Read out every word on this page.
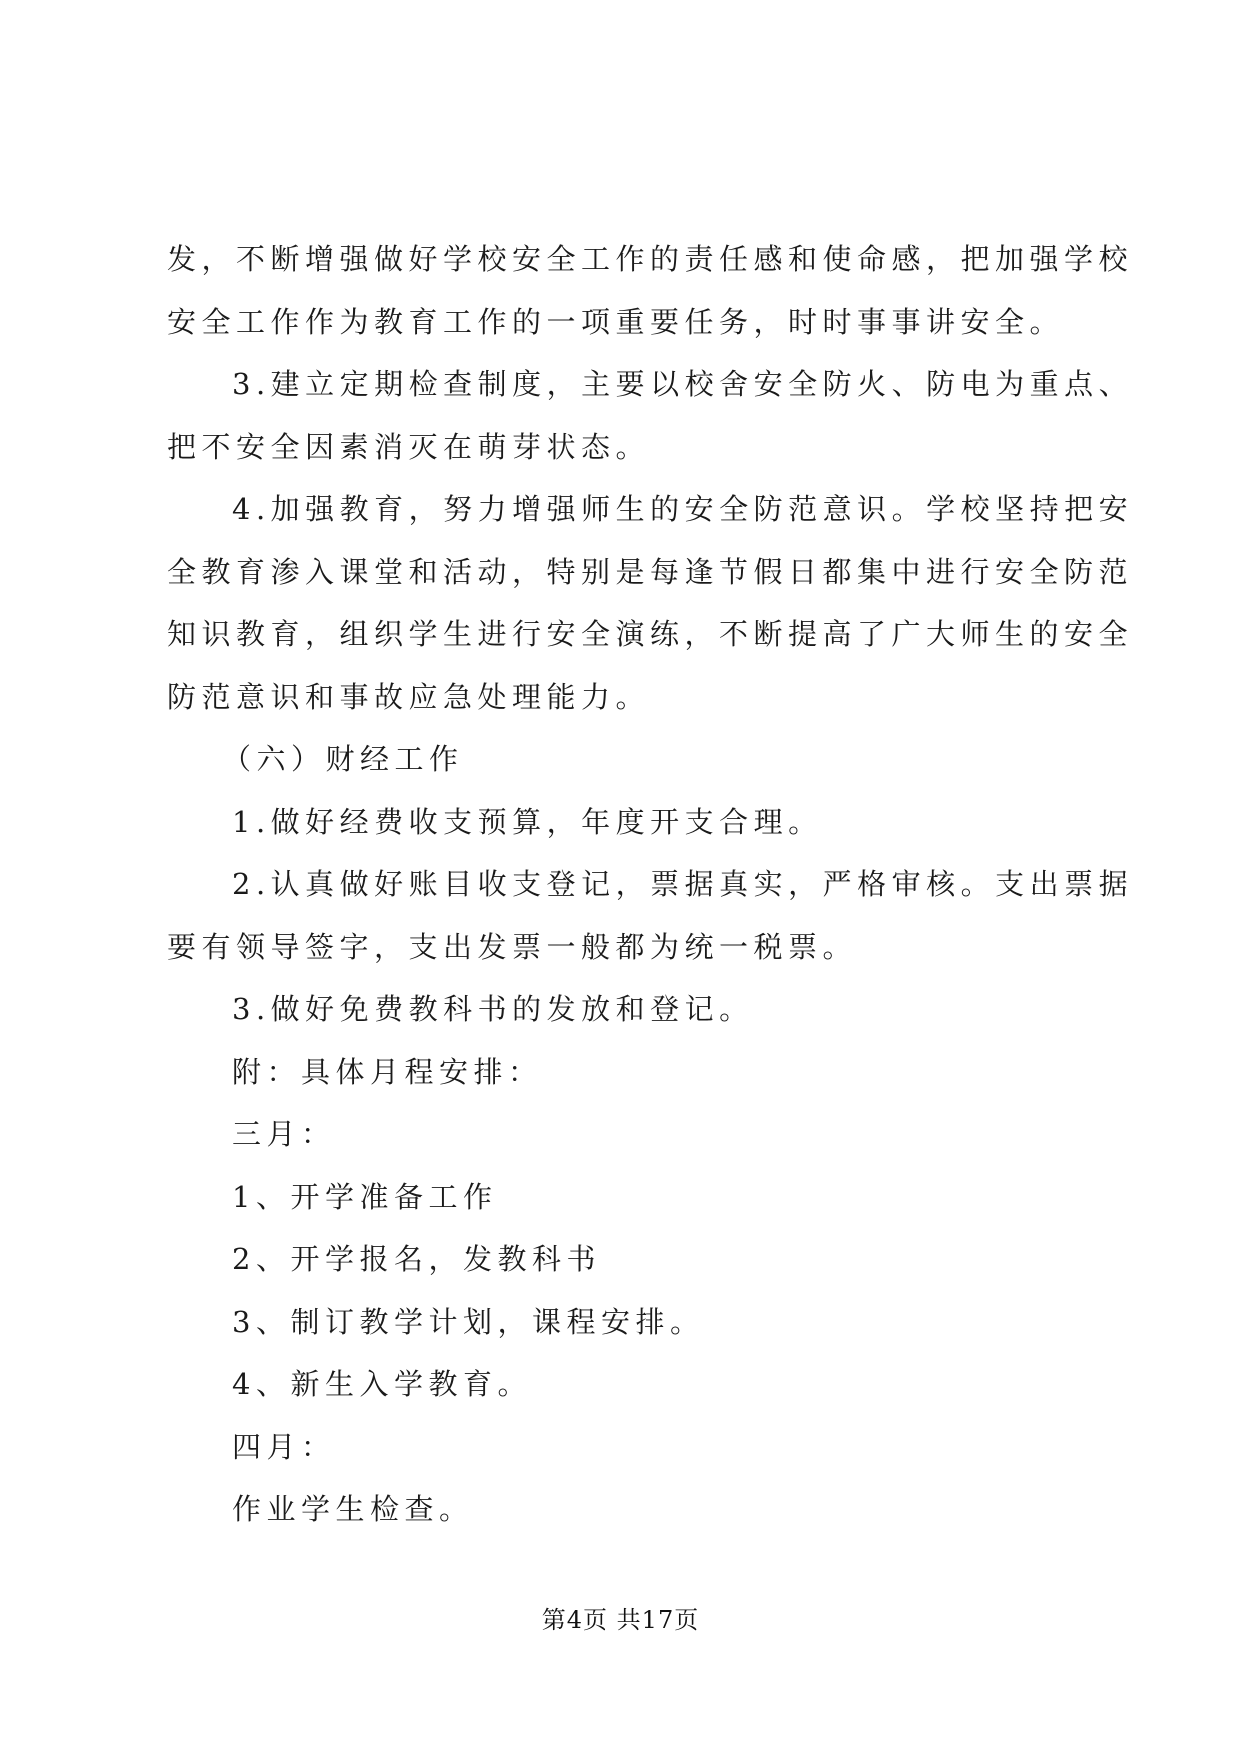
发，不断增强做好学校安全工作的责任感和使命感，把加强学校
安全工作作为教育工作的一项重要任务，时时事事讲安全。
3.建立定期检查制度，主要以校舍安全防火、防电为重点、
把不安全因素消灭在萌芽状态。
4.加强教育，努力增强师生的安全防范意识。学校坚持把安
全教育渗入课堂和活动，特别是每逢节假日都集中进行安全防范
知识教育，组织学生进行安全演练，不断提高了广大师生的安全
防范意识和事故应急处理能力。
（六）财经工作
1.做好经费收支预算，年度开支合理。
2.认真做好账目收支登记，票据真实，严格审核。支出票据
要有领导签字，支出发票一般都为统一税票。
3.做好免费教科书的发放和登记。
附：具体月程安排：
三月：
1、开学准备工作
2、开学报名，发教科书
3、制订教学计划，课程安排。
4、新生入学教育。
四月：
作业学生检查。
第4页 共17页
